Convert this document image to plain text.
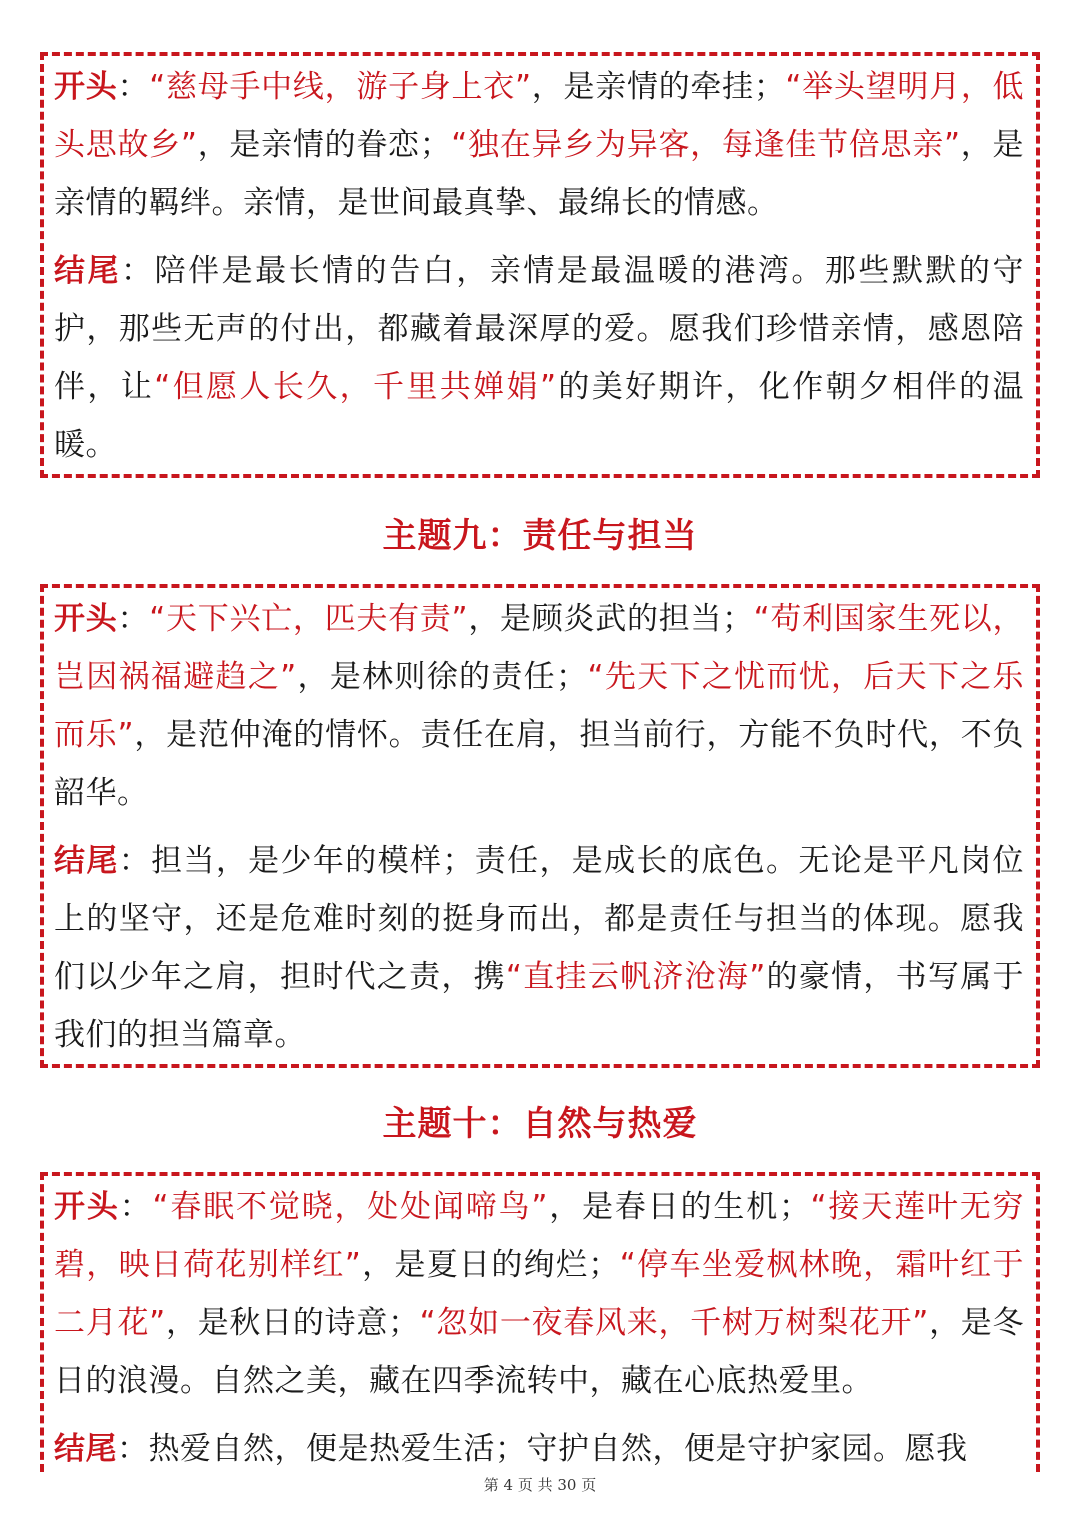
开头：“慈母手中线，游子身上衣”，是亲情的牵挂；“举头望明月，低头思故乡”，是亲情的眷恋；“独在异乡为异客，每逢佳节倍思亲”，是亲情的羁绊。亲情，是世间最真挚、最绵长的情感。

结尾：陪伴是最长情的告白，亲情是最温暖的港湾。那些默默的守护，那些无声的付出，都藏着最深厚的爱。愿我们珍惜亲情，感恩陪伴，让“但愿人长久，千里共婵娟”的美好期许，化作朝夕相伴的温暖。

主题九：责任与担当

开头：“天下兴亡，匹夫有责”，是顾炎武的担当；“苟利国家生死以，岂因祸福避趋之”，是林则徐的责任；“先天下之忧而忧，后天下之乐而乐”，是范仲淹的情怀。责任在肩，担当前行，方能不负时代，不负韶华。

结尾：担当，是少年的模样；责任，是成长的底色。无论是平凡岗位上的坚守，还是危难时刻的挺身而出，都是责任与担当的体现。愿我们以少年之肩，担时代之责，携“直挂云帆济沧海”的豪情，书写属于我们的担当篇章。

主题十：自然与热爱

开头：“春眠不觉晓，处处闻啼鸟”，是春日的生机；“接天莲叶无穷碧，映日荷花别样红”，是夏日的绚烂；“停车坐爱枫林晚，霜叶红于二月花”，是秋日的诗意；“忽如一夜春风来，千树万树梨花开”，是冬日的浪漫。自然之美，藏在四季流转中，藏在心底热爱里。

结尾：热爱自然，便是热爱生活；守护自然，便是守护家园。愿我

第 4 页 共 30 页
